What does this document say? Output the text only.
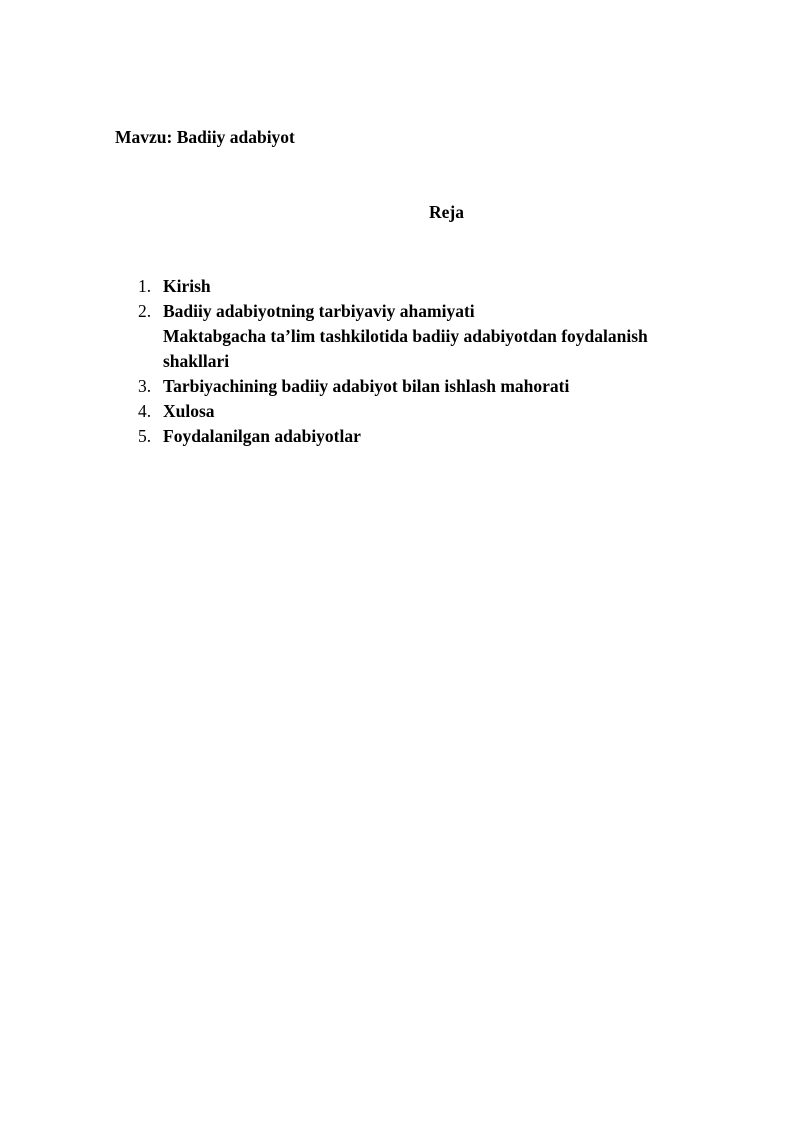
Mavzu: Badiiy adabiyot
Reja
1. Kirish
2. Badiiy adabiyotning tarbiyaviy ahamiyati
Maktabgacha ta’lim tashkilotida badiiy adabiyotdan foydalanish shakllari
3. Tarbiyachining badiiy adabiyot bilan ishlash mahorati
4. Xulosa
5. Foydalanilgan adabiyotlar
